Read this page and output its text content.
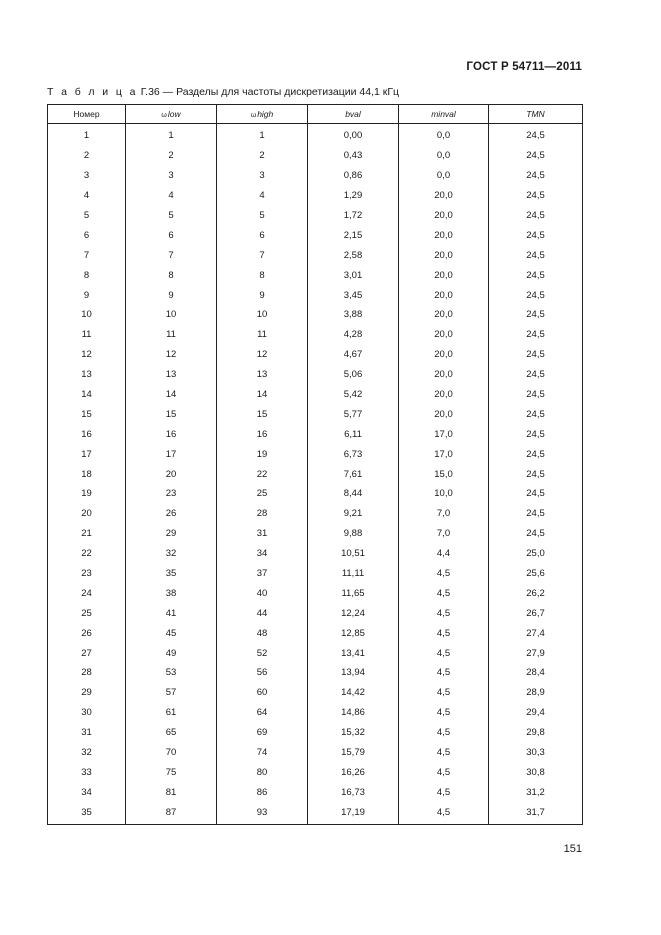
ГОСТ Р 54711—2011
Т а б л и ц а Г.36 — Разделы для частоты дискретизации 44,1 кГц
Номер	ωlow	ωhigh	bval	minval	TMN
1	1	1	0,00	0,0	24,5
2	2	2	0,43	0,0	24,5
3	3	3	0,86	0,0	24,5
4	4	4	1,29	20,0	24,5
5	5	5	1,72	20,0	24,5
6	6	6	2,15	20,0	24,5
7	7	7	2,58	20,0	24,5
8	8	8	3,01	20,0	24,5
9	9	9	3,45	20,0	24,5
10	10	10	3,88	20,0	24,5
11	11	11	4,28	20,0	24,5
12	12	12	4,67	20,0	24,5
13	13	13	5,06	20,0	24,5
14	14	14	5,42	20,0	24,5
15	15	15	5,77	20,0	24,5
16	16	16	6,11	17,0	24,5
17	17	19	6,73	17,0	24,5
18	20	22	7,61	15,0	24,5
19	23	25	8,44	10,0	24,5
20	26	28	9,21	7,0	24,5
21	29	31	9,88	7,0	24,5
22	32	34	10,51	4,4	25,0
23	35	37	11,11	4,5	25,6
24	38	40	11,65	4,5	26,2
25	41	44	12,24	4,5	26,7
26	45	48	12,85	4,5	27,4
27	49	52	13,41	4,5	27,9
28	53	56	13,94	4,5	28,4
29	57	60	14,42	4,5	28,9
30	61	64	14,86	4,5	29,4
31	65	69	15,32	4,5	29,8
32	70	74	15,79	4,5	30,3
33	75	80	16,26	4,5	30,8
34	81	86	16,73	4,5	31,2
35	87	93	17,19	4,5	31,7
151
